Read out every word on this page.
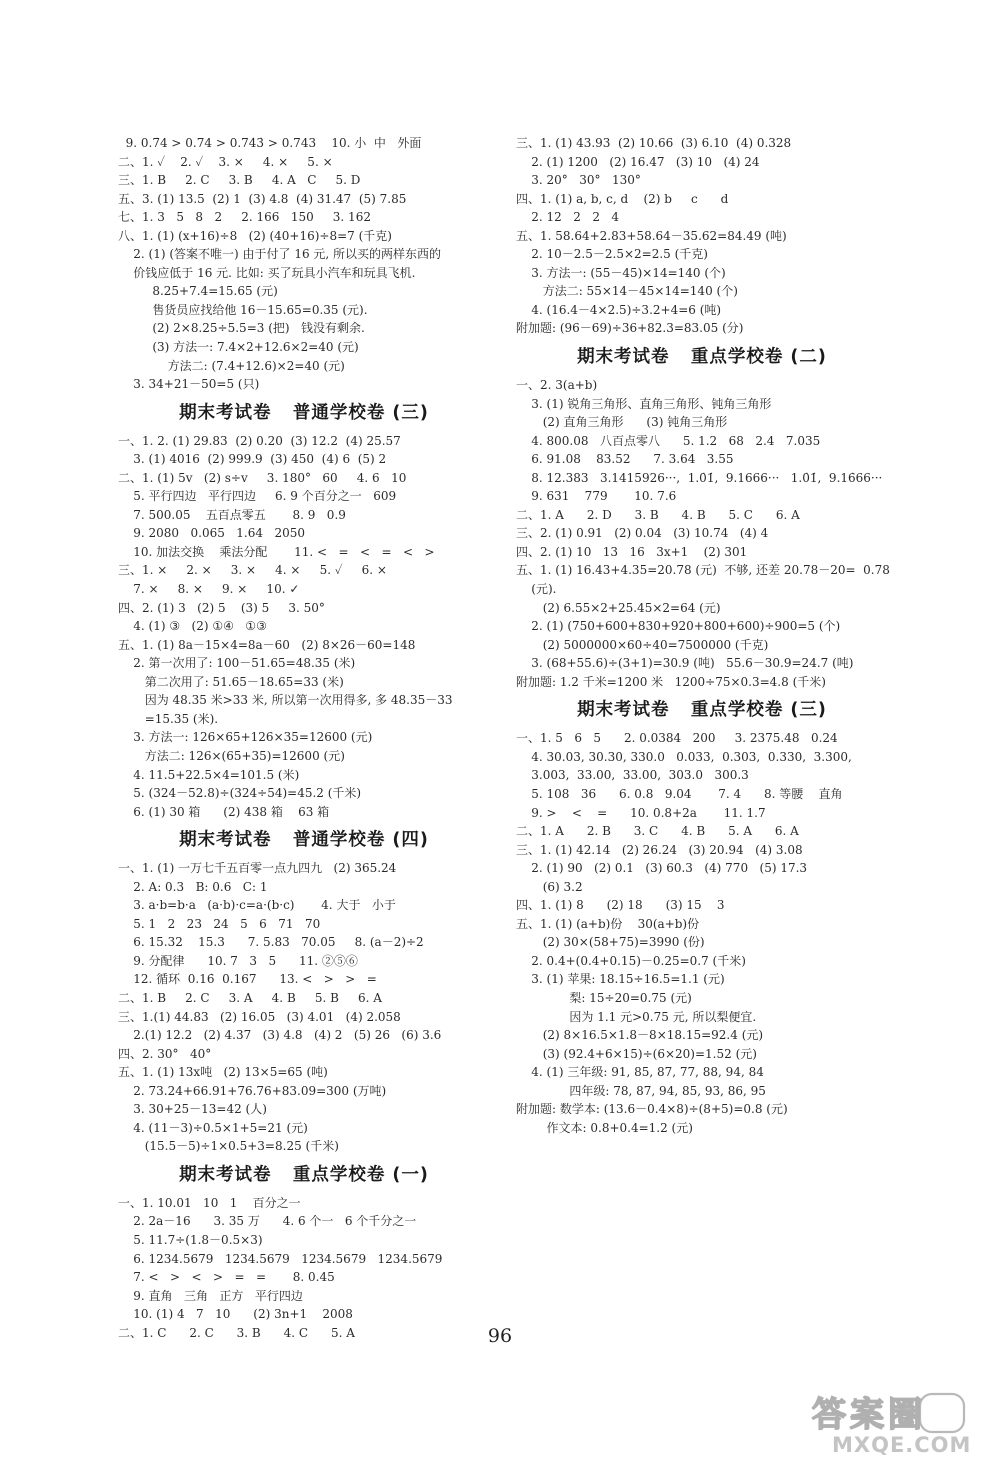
9. 0.7̇4 > 0.74 > 0.74̇3̇ > 0.743    10. 小  中   外面
二、1. ✓    2. ✓    3. ×     4. ×     5. ×
三、1. B     2. C     3. B     4. A   C     5. D
五、3. (1) 13.5  (2) 1  (3) 4.8  (4) 31.47  (5) 7.85
七、1. 3   5   8   2     2. 166   150     3. 162
八、1. (1) (x+16)÷8   (2) (40+16)÷8=7 (千克)
2. (1) (答案不唯一) 由于付了 16 元, 所以买的两样东西的
价钱应低于 16 元. 比如: 买了玩具小汽车和玩具飞机.
8.25+7.4=15.65 (元)
售货员应找给他 16－15.65=0.35 (元).
(2) 2×8.25÷5.5=3 (把)   钱没有剩余.
(3) 方法一: 7.4×2+12.6×2=40 (元)
方法二: (7.4+12.6)×2=40 (元)
3. 34+21－50=5 (只)
期末考试卷   普通学校卷 (三)
一、1. 2. (1) 29.83  (2) 0.20  (3) 12.2  (4) 25.57
3. (1) 4016  (2) 999.9  (3) 450  (4) 6  (5) 2
二、1. (1) 5v   (2) s÷v     3. 180°   60     4. 6   10
5. 平行四边   平行四边     6. 9 个百分之一   609
7. 500.05    五百点零五       8. 9   0.9
9. 2080   0.065   1.64   2050
10. 加法交换    乘法分配       11. <   =   <   =   <   >
三、1. ×     2. ×     3. ×     4. ×     5. ✓     6. ×
7. ×     8. ×     9. ×     10. ✓
四、2. (1) 3   (2) 5    (3) 5     3. 50°
4. (1) ③   (2) ①④   ①③
五、1. (1) 8a－15×4=8a－60   (2) 8×26－60=148
2. 第一次用了: 100－51.65=48.35 (米)
第二次用了: 51.65－18.65=33 (米)
因为 48.35 米>33 米, 所以第一次用得多, 多 48.35－33
=15.35 (米).
3. 方法一: 126×65+126×35=12600 (元)
方法二: 126×(65+35)=12600 (元)
4. 11.5+22.5×4=101.5 (米)
5. (324－52.8)÷(324÷54)=45.2 (千米)
6. (1) 30 箱      (2) 438 箱    63 箱
期末考试卷   普通学校卷 (四)
一、1. (1) 一万七千五百零一点九四九   (2) 365.24
2. A: 0.3   B: 0.6   C: 1
3. a·b=b·a   (a·b)·c=a·(b·c)       4. 大于   小于
5. 1   2   23   24   5   6   71   70
6. 15.32    15.3      7. 5.83   70.05     8. (a－2)÷2
9. 分配律      10. 7   3   5      11. ②⑤⑥
12. 循环  0.16̇  0.167      13. <   >   >   =
二、1. B     2. C     3. A     4. B     5. B     6. A
三、1.(1) 44.83   (2) 16.05   (3) 4.01   (4) 2.058
2.(1) 12.2   (2) 4.37   (3) 4.8   (4) 2   (5) 26   (6) 3.6
四、2. 30°   40°
五、1. (1) 13x吨   (2) 13×5=65 (吨)
2. 73.24+66.91+76.76+83.09=300 (万吨)
3. 30+25－13=42 (人)
4. (11－3)÷0.5×1+5=21 (元)
(15.5－5)÷1×0.5+3=8.25 (千米)
期末考试卷   重点学校卷 (一)
一、1. 10.01   10   1    百分之一
2. 2a－16      3. 35 万      4. 6 个一   6 个千分之一
5. 11.7÷(1.8－0.5×3)
6. 1234.5679   1234.5679   1234.5679   1234.5679
7. <   >   <   >   =   =       8. 0.45
9. 直角   三角   正方   平行四边
10. (1) 4   7   10      (2) 3n+1    2008
二、1. C      2. C      3. B      4. C      5. A
三、1. (1) 43.93  (2) 10.66  (3) 6.10  (4) 0.328
2. (1) 1200   (2) 16.47   (3) 10   (4) 24
3. 20°   30°   130°
四、1. (1) a, b, c, d    (2) b     c      d
2. 12   2   2   4
五、1. 58.64+2.83+58.64－35.62=84.49 (吨)
2. 10－2.5－2.5×2=2.5 (千克)
3. 方法一: (55－45)×14=140 (个)
方法二: 55×14－45×14=140 (个)
4. (16.4－4×2.5)÷3.2+4=6 (吨)
附加题: (96－69)÷36+82.3=83.05 (分)
期末考试卷   重点学校卷 (二)
一、2. 3(a+b)
3. (1) 锐角三角形、直角三角形、钝角三角形
(2) 直角三角形      (3) 钝角三角形
4. 800.08   八百点零八      5. 1.2   68   2.4   7.035
6. 91.08    83.52      7. 3.64   3.55
8. 12.383   3.1415926···,  1.0̇1̇,  9.1666···   1.0̇1̇,  9.16̇66···
9. 631    779       10. 7.6
二、1. A      2. D      3. B      4. B      5. C      6. A
三、2. (1) 0.91   (2) 0.04   (3) 10.74   (4) 4
四、2. (1) 10   13   16   3x+1    (2) 301
五、1. (1) 16.43+4.35=20.78 (元)  不够, 还差 20.78－20=  0.78
(元).
(2) 6.55×2+25.45×2=64 (元)
2. (1) (750+600+830+920+800+600)÷900=5 (个)
(2) 5000000×60÷40=7500000 (千克)
3. (68+55.6)÷(3+1)=30.9 (吨)   55.6－30.9=24.7 (吨)
附加题: 1.2 千米=1200 米   1200÷75×0.3=4.8 (千米)
期末考试卷   重点学校卷 (三)
一、1. 5   6   5      2. 0.0384   200     3. 2375.48   0.24
4. 30.03, 30.30, 330.0   0.033,  0.303,  0.330,  3.300,
3.003,  33.00,  33.00,  303.0   300.3
5. 108   36      6. 0.8   9.04       7. 4      8. 等腰    直角
9. >    <    =      10. 0.8+2a       11. 1.7
二、1. A      2. B      3. C      4. B      5. A      6. A
三、1. (1) 42.14   (2) 26.24   (3) 20.94   (4) 3.08
2. (1) 90   (2) 0.1   (3) 60.3   (4) 770   (5) 17.3
(6) 3.2
四、1. (1) 8      (2) 18      (3) 15    3
五、1. (1) (a+b)份    30(a+b)份
(2) 30×(58+75)=3990 (份)
2. 0.4+(0.4+0.15)－0.25=0.7 (千米)
3. (1) 苹果: 18.15÷16.5=1.1 (元)
梨: 15÷20=0.75 (元)
因为 1.1 元>0.75 元, 所以梨便宜.
(2) 8×16.5×1.8－8×18.15=92.4 (元)
(3) (92.4+6×15)÷(6×20)=1.52 (元)
4. (1) 三年级: 91, 85, 87, 77, 88, 94, 84
四年级: 78, 87, 94, 85, 93, 86, 95
附加题: 数学本: (13.6－0.4×8)÷(8+5)=0.8 (元)
作文本: 0.8+0.4=1.2 (元)
96
答案圈
MXQE.COM
